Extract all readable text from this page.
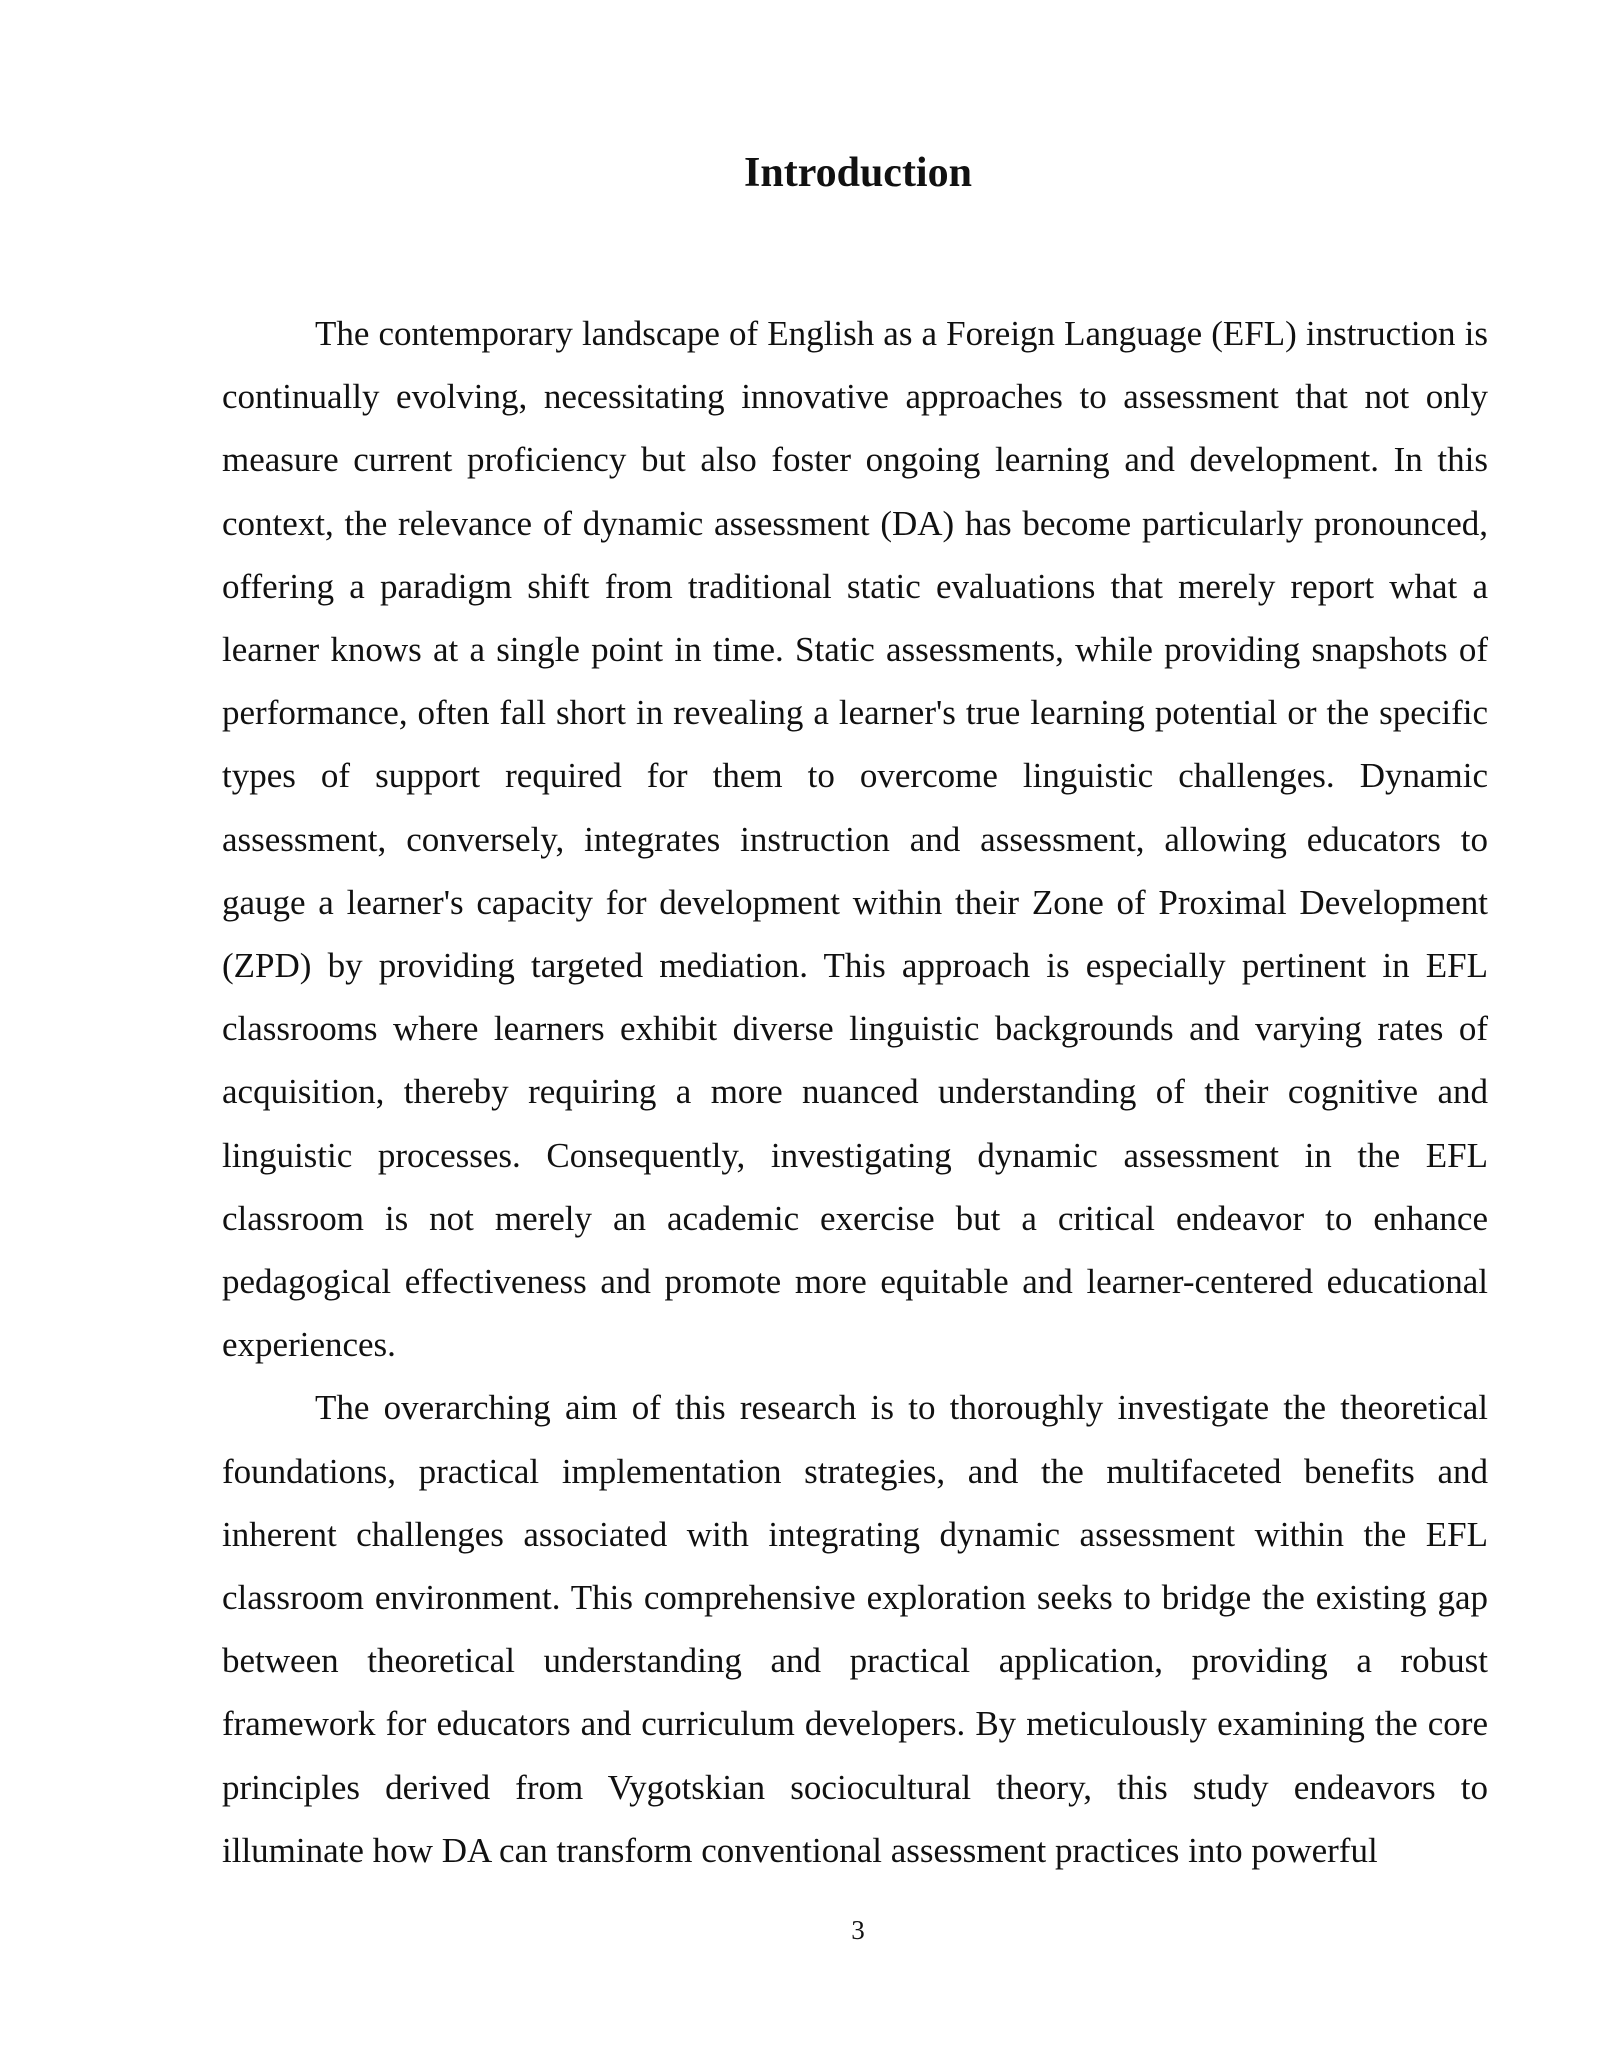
Introduction

The contemporary landscape of English as a Foreign Language (EFL) instruction is continually evolving, necessitating innovative approaches to assessment that not only measure current proficiency but also foster ongoing learning and development. In this context, the relevance of dynamic assessment (DA) has become particularly pronounced, offering a paradigm shift from traditional static evaluations that merely report what a learner knows at a single point in time. Static assessments, while providing snapshots of performance, often fall short in revealing a learner's true learning potential or the specific types of support required for them to overcome linguistic challenges. Dynamic assessment, conversely, integrates instruction and assessment, allowing educators to gauge a learner's capacity for development within their Zone of Proximal Development (ZPD) by providing targeted mediation. This approach is especially pertinent in EFL classrooms where learners exhibit diverse linguistic backgrounds and varying rates of acquisition, thereby requiring a more nuanced understanding of their cognitive and linguistic processes. Consequently, investigating dynamic assessment in the EFL classroom is not merely an academic exercise but a critical endeavor to enhance pedagogical effectiveness and promote more equitable and learner-centered educational experiences.

The overarching aim of this research is to thoroughly investigate the theoretical foundations, practical implementation strategies, and the multifaceted benefits and inherent challenges associated with integrating dynamic assessment within the EFL classroom environment. This comprehensive exploration seeks to bridge the existing gap between theoretical understanding and practical application, providing a robust framework for educators and curriculum developers. By meticulously examining the core principles derived from Vygotskian sociocultural theory, this study endeavors to illuminate how DA can transform conventional assessment practices into powerful

3
